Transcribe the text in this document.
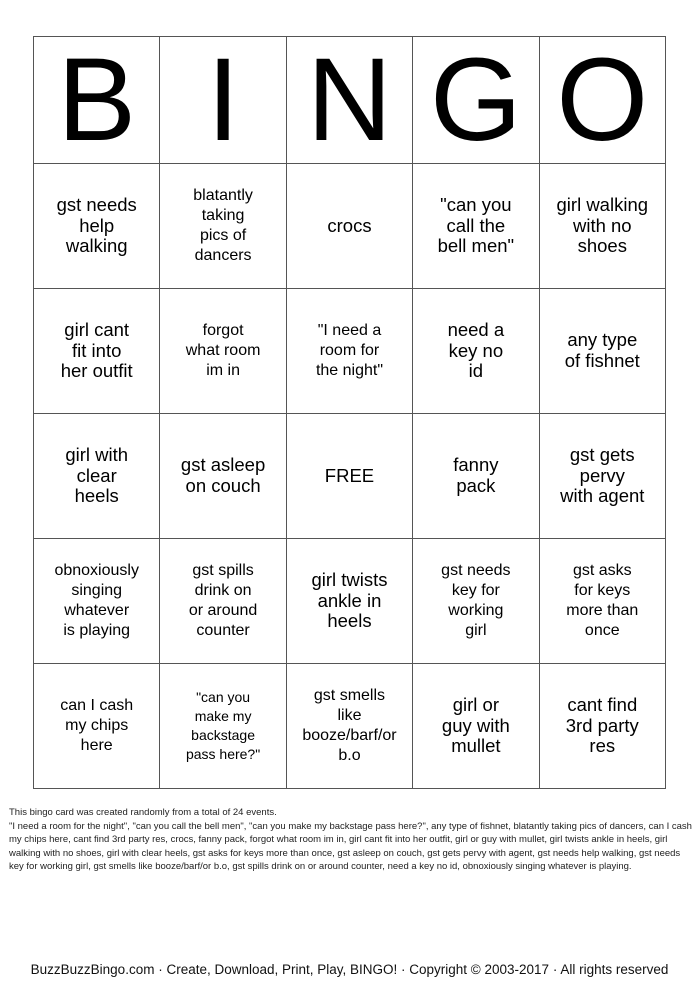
B	I	N	G	O

gst needs
help
walking	blatantly
taking
pics of
dancers	crocs	"can you
call the
bell men"	girl walking
with no
shoes

girl cant
fit into
her outfit	forgot
what room
im in	"I need a
room for
the night"	need a
key no
id	any type
of fishnet

girl with
clear
heels	gst asleep
on couch	FREE	fanny
pack	gst gets
pervy
with agent

obnoxiously
singing
whatever
is playing	gst spills
drink on
or around
counter	girl twists
ankle in
heels	gst needs
key for
working
girl	gst asks
for keys
more than
once

can I cash
my chips
here	"can you
make my
backstage
pass here?"	gst smells
like
booze/barf/or
b.o	girl or
guy with
mullet	cant find
3rd party
res

This bingo card was created randomly from a total of 24 events.

"I need a room for the night", "can you call the bell men", "can you make my backstage pass here?", any type of fishnet, blatantly taking pics of dancers, can I cash my chips here, cant find 3rd party res, crocs, fanny pack, forgot what room im in, girl cant fit into her outfit, girl or guy with mullet, girl twists ankle in heels, girl walking with no shoes, girl with clear heels, gst asks for keys more than once, gst asleep on couch, gst gets pervy with agent, gst needs help walking, gst needs key for working girl, gst smells like booze/barf/or b.o, gst spills drink on or around counter, need a key no id, obnoxiously singing whatever is playing.

BuzzBuzzBingo.com · Create, Download, Print, Play, BINGO! · Copyright © 2003-2017 · All rights reserved
